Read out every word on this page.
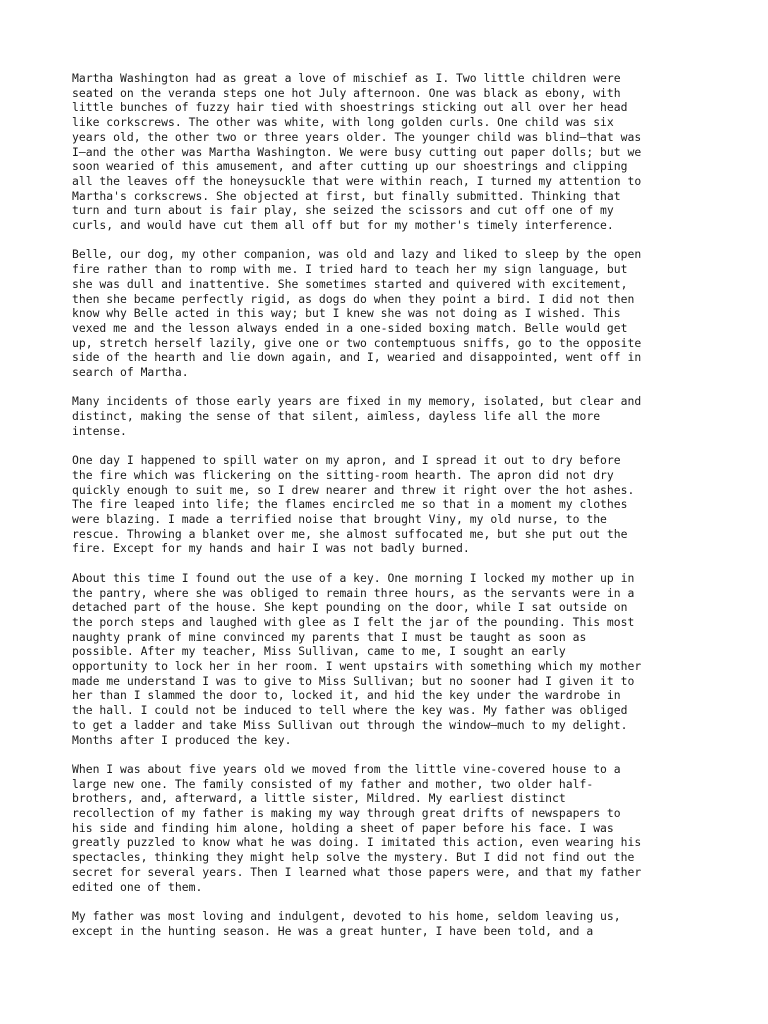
Martha Washington had as great a love of mischief as I. Two little children were
seated on the veranda steps one hot July afternoon. One was black as ebony, with
little bunches of fuzzy hair tied with shoestrings sticking out all over her head
like corkscrews. The other was white, with long golden curls. One child was six
years old, the other two or three years older. The younger child was blind—that was
I—and the other was Martha Washington. We were busy cutting out paper dolls; but we
soon wearied of this amusement, and after cutting up our shoestrings and clipping
all the leaves off the honeysuckle that were within reach, I turned my attention to
Martha's corkscrews. She objected at first, but finally submitted. Thinking that
turn and turn about is fair play, she seized the scissors and cut off one of my
curls, and would have cut them all off but for my mother's timely interference.
Belle, our dog, my other companion, was old and lazy and liked to sleep by the open
fire rather than to romp with me. I tried hard to teach her my sign language, but
she was dull and inattentive. She sometimes started and quivered with excitement,
then she became perfectly rigid, as dogs do when they point a bird. I did not then
know why Belle acted in this way; but I knew she was not doing as I wished. This
vexed me and the lesson always ended in a one-sided boxing match. Belle would get
up, stretch herself lazily, give one or two contemptuous sniffs, go to the opposite
side of the hearth and lie down again, and I, wearied and disappointed, went off in
search of Martha.
Many incidents of those early years are fixed in my memory, isolated, but clear and
distinct, making the sense of that silent, aimless, dayless life all the more
intense.
One day I happened to spill water on my apron, and I spread it out to dry before
the fire which was flickering on the sitting-room hearth. The apron did not dry
quickly enough to suit me, so I drew nearer and threw it right over the hot ashes.
The fire leaped into life; the flames encircled me so that in a moment my clothes
were blazing. I made a terrified noise that brought Viny, my old nurse, to the
rescue. Throwing a blanket over me, she almost suffocated me, but she put out the
fire. Except for my hands and hair I was not badly burned.
About this time I found out the use of a key. One morning I locked my mother up in
the pantry, where she was obliged to remain three hours, as the servants were in a
detached part of the house. She kept pounding on the door, while I sat outside on
the porch steps and laughed with glee as I felt the jar of the pounding. This most
naughty prank of mine convinced my parents that I must be taught as soon as
possible. After my teacher, Miss Sullivan, came to me, I sought an early
opportunity to lock her in her room. I went upstairs with something which my mother
made me understand I was to give to Miss Sullivan; but no sooner had I given it to
her than I slammed the door to, locked it, and hid the key under the wardrobe in
the hall. I could not be induced to tell where the key was. My father was obliged
to get a ladder and take Miss Sullivan out through the window—much to my delight.
Months after I produced the key.
When I was about five years old we moved from the little vine-covered house to a
large new one. The family consisted of my father and mother, two older half-
brothers, and, afterward, a little sister, Mildred. My earliest distinct
recollection of my father is making my way through great drifts of newspapers to
his side and finding him alone, holding a sheet of paper before his face. I was
greatly puzzled to know what he was doing. I imitated this action, even wearing his
spectacles, thinking they might help solve the mystery. But I did not find out the
secret for several years. Then I learned what those papers were, and that my father
edited one of them.
My father was most loving and indulgent, devoted to his home, seldom leaving us,
except in the hunting season. He was a great hunter, I have been told, and a
